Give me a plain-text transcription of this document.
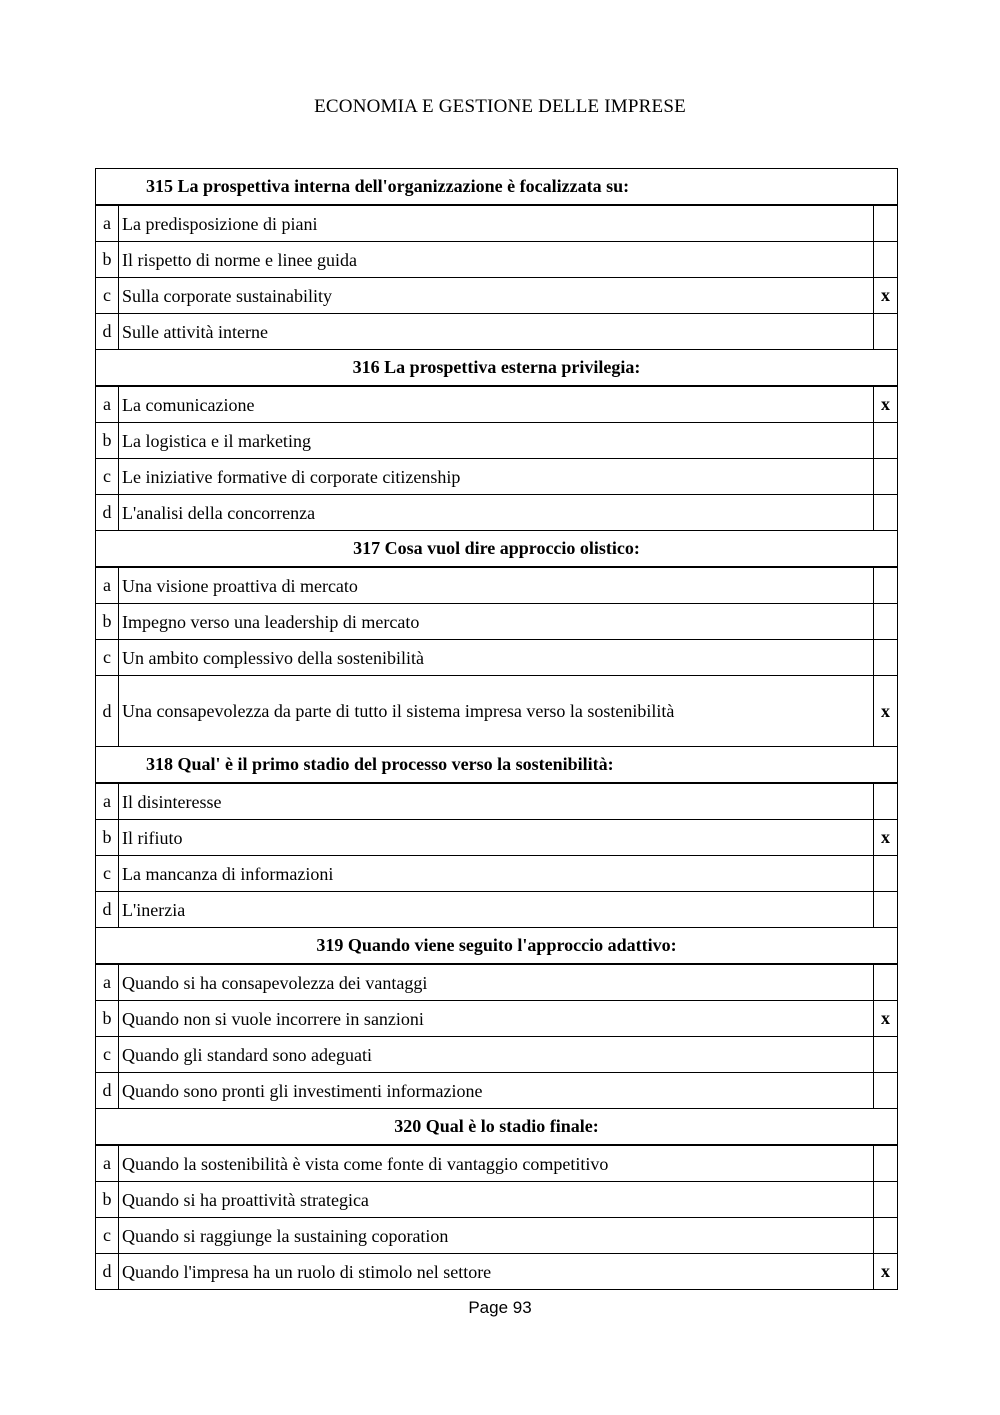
ECONOMIA E GESTIONE DELLE IMPRESE
315 La prospettiva interna dell'organizzazione è focalizzata su:		
a	La predisposizione di piani	
b	Il rispetto di norme e linee guida	
c	Sulla corporate sustainability	x
d	Sulle attività interne	
316 La prospettiva esterna privilegia:		
a	La comunicazione	x
b	La logistica e il marketing	
c	Le iniziative formative di corporate citizenship	
d	L'analisi della concorrenza	
317 Cosa vuol dire approccio olistico:		
a	Una visione proattiva di mercato	
b	Impegno verso una leadership di mercato	
c	Un ambito complessivo della sostenibilità	
d	Una consapevolezza da parte di tutto il sistema impresa verso la sostenibilità	x
318 Qual' è il primo stadio del processo verso la sostenibilità:		
a	Il disinteresse	
b	Il rifiuto	x
c	La mancanza di informazioni	
d	L'inerzia	
319 Quando viene seguito l'approccio adattivo:		
a	Quando si ha consapevolezza dei vantaggi	
b	Quando non si vuole incorrere in sanzioni	x
c	Quando gli standard sono adeguati	
d	Quando sono pronti gli investimenti informazione	
320 Qual è lo stadio finale:		
a	Quando la sostenibilità è vista come fonte di vantaggio competitivo	
b	Quando si ha proattività strategica	
c	Quando si raggiunge la sustaining coporation	
d	Quando l'impresa ha un ruolo di stimolo nel settore	x
Page 93
